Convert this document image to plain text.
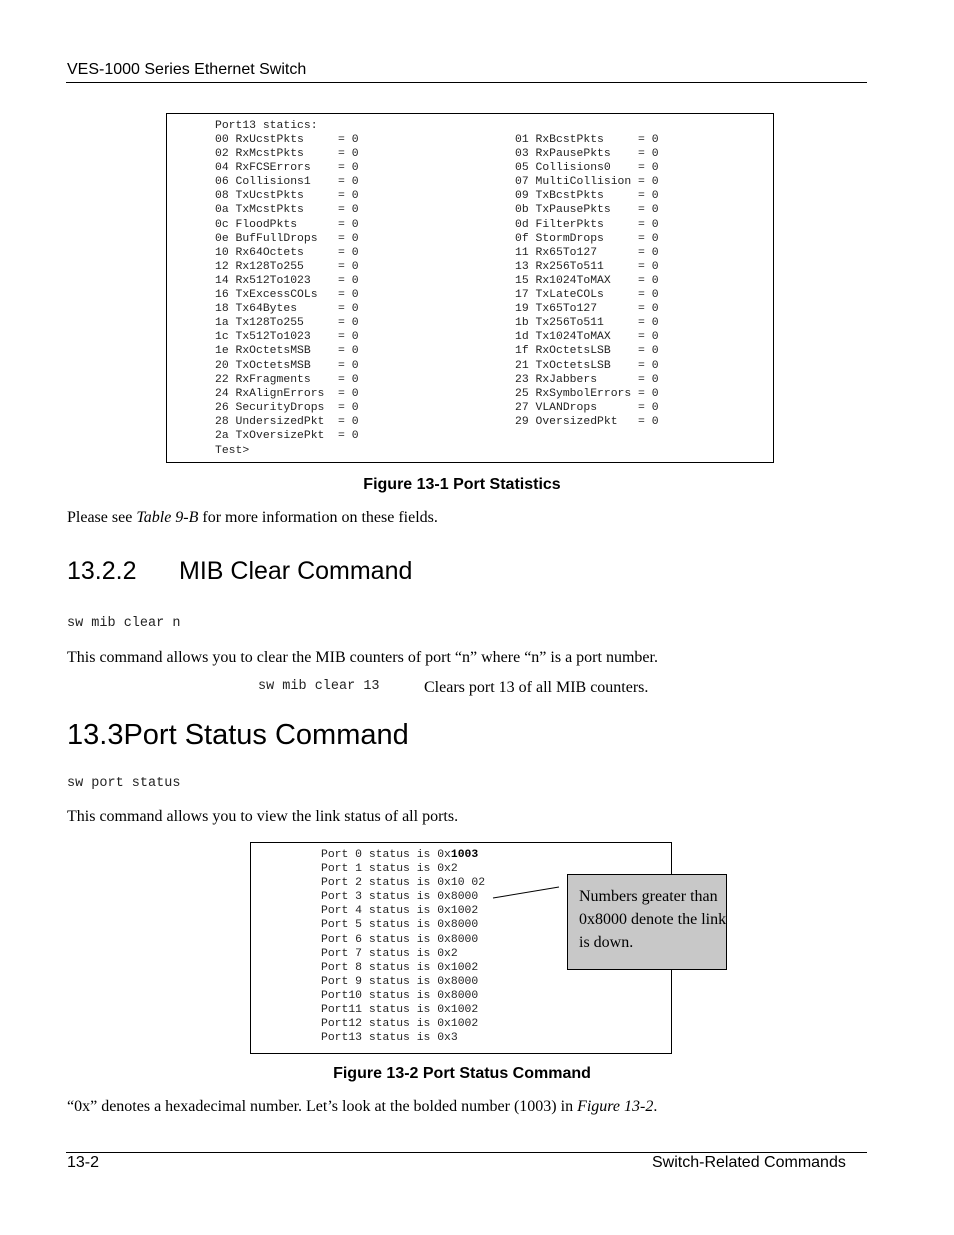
VES-1000 Series Ethernet Switch
Port13 statics:
00 RxUcstPkts     = 0
02 RxMcstPkts     = 0
04 RxFCSErrors    = 0
06 Collisions1    = 0
08 TxUcstPkts     = 0
0a TxMcstPkts     = 0
0c FloodPkts      = 0
0e BufFullDrops   = 0
10 Rx64Octets     = 0
12 Rx128To255     = 0
14 Rx512To1023    = 0
16 TxExcessCOLs   = 0
18 Tx64Bytes      = 0
1a Tx128To255     = 0
1c Tx512To1023    = 0
1e RxOctetsMSB    = 0
20 TxOctetsMSB    = 0
22 RxFragments    = 0
24 RxAlignErrors  = 0
26 SecurityDrops  = 0
28 UndersizedPkt  = 0
2a TxOversizePkt  = 0
01 RxBcstPkts     = 0
03 RxPausePkts    = 0
05 Collisions0    = 0
07 MultiCollision = 0
09 TxBcstPkts     = 0
0b TxPausePkts    = 0
0d FilterPkts     = 0
0f StormDrops     = 0
11 Rx65To127      = 0
13 Rx256To511     = 0
15 Rx1024ToMAX    = 0
17 TxLateCOLs     = 0
19 Tx65To127      = 0
1b Tx256To511     = 0
1d Tx1024ToMAX    = 0
1f RxOctetsLSB    = 0
21 TxOctetsLSB    = 0
23 RxJabbers      = 0
25 RxSymbolErrors = 0
27 VLANDrops      = 0
29 OversizedPkt   = 0
Test>
Figure 13-1 Port Statistics
Please see Table 9-B for more information on these fields.
13.2.2 MIB Clear Command
sw mib clear n
This command allows you to clear the MIB counters of port “n” where “n” is a port number.
sw mib clear 13	Clears port 13 of all MIB counters.
13.3Port Status Command
sw port status
This command allows you to view the link status of all ports.
Port 0 status is 0x1003
Port 1 status is 0x2
Port 2 status is 0x10 02
Port 3 status is 0x8000
Port 4 status is 0x1002
Port 5 status is 0x8000
Port 6 status is 0x8000
Port 7 status is 0x2
Port 8 status is 0x1002
Port 9 status is 0x8000
Port10 status is 0x8000
Port11 status is 0x1002
Port12 status is 0x1002
Port13 status is 0x3
Numbers greater than 0x8000 denote the link is down.
Figure 13-2 Port Status Command
“0x” denotes a hexadecimal number. Let’s look at the bolded number (1003) in Figure 13-2.
13-2	Switch-Related Commands
